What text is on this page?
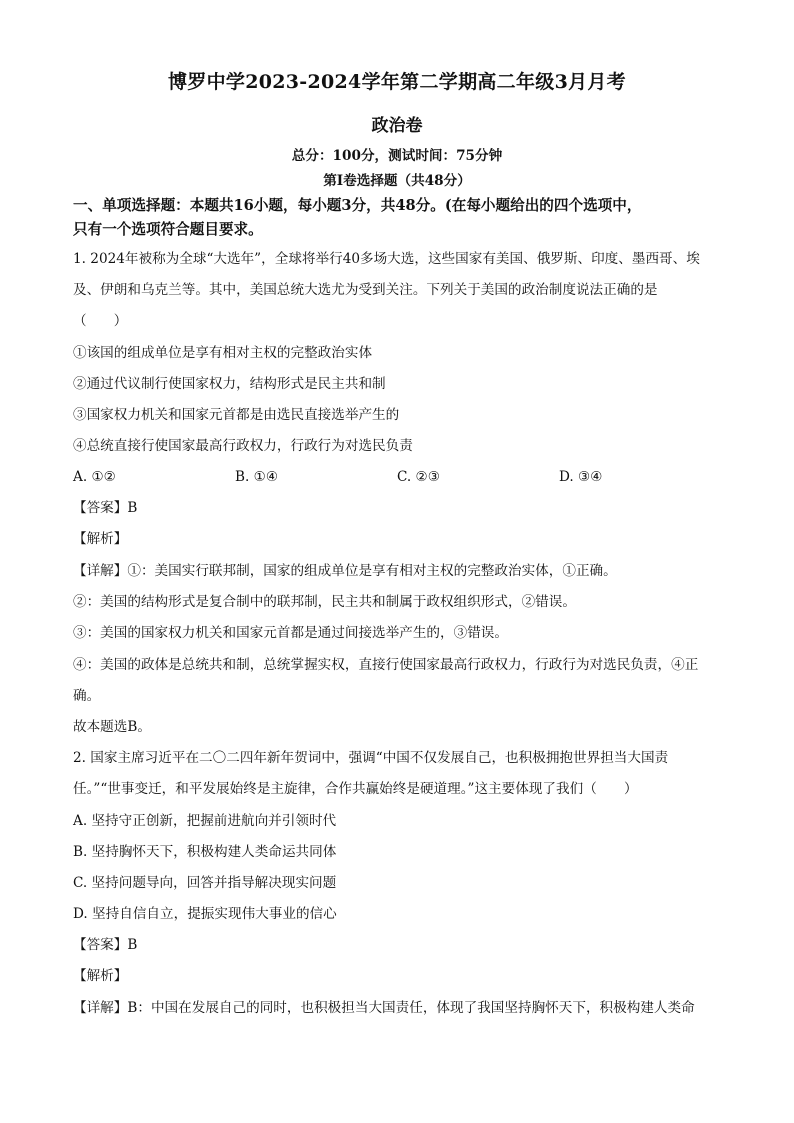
博罗中学2023-2024学年第二学期高二年级3月月考
政治卷
总分：100分，测试时间：75分钟
第I卷选择题（共48分）
一、单项选择题：本题共16小题，每小题3分，共48分。(在每小题给出的四个选项中，
只有一个选项符合题目要求。
1. 2024年被称为全球“大选年”，全球将举行40多场大选，这些国家有美国、俄罗斯、印度、墨西哥、埃
及、伊朗和乌克兰等。其中，美国总统大选尤为受到关注。下列关于美国的政治制度说法正确的是
（　　）
①该国的组成单位是享有相对主权的完整政治实体
②通过代议制行使国家权力，结构形式是民主共和制
③国家权力机关和国家元首都是由选民直接选举产生的
④总统直接行使国家最高行政权力，行政行为对选民负责
A. ①②	B. ①④	C. ②③	D. ③④
【答案】B
【解析】
【详解】①：美国实行联邦制，国家的组成单位是享有相对主权的完整政治实体，①正确。
②：美国的结构形式是复合制中的联邦制，民主共和制属于政权组织形式，②错误。
③：美国的国家权力机关和国家元首都是通过间接选举产生的，③错误。
④：美国的政体是总统共和制，总统掌握实权，直接行使国家最高行政权力，行政行为对选民负责，④正
确。
故本题选B。
2. 国家主席习近平在二〇二四年新年贺词中，强调“中国不仅发展自己，也积极拥抱世界担当大国责
任。”“世事变迁，和平发展始终是主旋律，合作共赢始终是硬道理。”这主要体现了我们（　　）
A. 坚持守正创新，把握前进航向并引领时代
B. 坚持胸怀天下，积极构建人类命运共同体
C. 坚持问题导向，回答并指导解决现实问题
D. 坚持自信自立，提振实现伟大事业的信心
【答案】B
【解析】
【详解】B：中国在发展自己的同时，也积极担当大国责任，体现了我国坚持胸怀天下，积极构建人类命
